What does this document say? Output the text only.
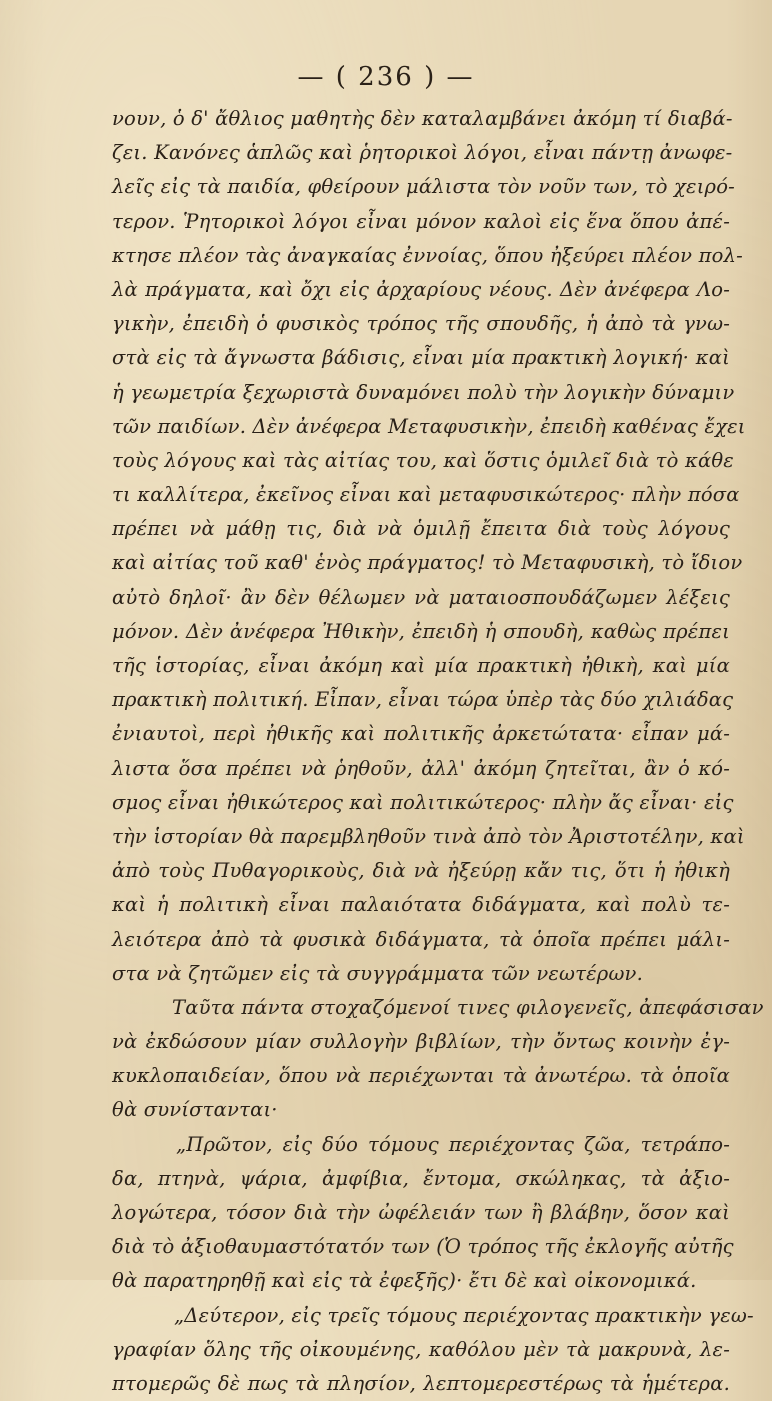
— ( 236 ) —
νουν, ὁ δ' ἄθλιος μαθητὴς δὲν καταλαμβάνει ἀκόμη τί διαβά-
ζει. Κανόνες ἁπλῶς καὶ ῥητορικοὶ λόγοι, εἶναι πάντῃ ἀνωφε-
λεῖς εἰς τὰ παιδία, φθείρουν μάλιστα τὸν νοῦν των, τὸ χειρό-
τερον. Ῥητορικοὶ λόγοι εἶναι μόνον καλοὶ εἰς ἕνα ὅπου ἀπέ-
κτησε πλέον τὰς ἀναγκαίας ἐννοίας, ὅπου ἠξεύρει πλέον πολ-
λὰ πράγματα, καὶ ὄχι εἰς ἀρχαρίους νέους. Δὲν ἀνέφερα Λο-
γικὴν, ἐπειδὴ ὁ φυσικὸς τρόπος τῆς σπουδῆς, ἡ ἀπὸ τὰ γνω-
στὰ εἰς τὰ ἄγνωστα βάδισις, εἶναι μία πρακτικὴ λογική· καὶ
ἡ γεωμετρία ξεχωριστὰ δυναμόνει πολὺ τὴν λογικὴν δύναμιν
τῶν παιδίων. Δὲν ἀνέφερα Μεταφυσικὴν, ἐπειδὴ καθένας ἔχει
τοὺς λόγους καὶ τὰς αἰτίας του, καὶ ὅστις ὁμιλεῖ διὰ τὸ κάθε
τι καλλίτερα, ἐκεῖνος εἶναι καὶ μεταφυσικώτερος· πλὴν πόσα
πρέπει νὰ μάθῃ τις, διὰ νὰ ὁμιλῇ ἔπειτα διὰ τοὺς λόγους
καὶ αἰτίας τοῦ καθ' ἑνὸς πράγματος! τὸ Μεταφυσικὴ, τὸ ἴδιον
αὐτὸ δηλοῖ· ἂν δὲν θέλωμεν νὰ ματαιοσπουδάζωμεν λέξεις
μόνον. Δὲν ἀνέφερα Ἠθικὴν, ἐπειδὴ ἡ σπουδὴ, καθὼς πρέπει
τῆς ἱστορίας, εἶναι ἀκόμη καὶ μία πρακτικὴ ἠθικὴ, καὶ μία
πρακτικὴ πολιτική. Εἶπαν, εἶναι τώρα ὑπὲρ τὰς δύο χιλιάδας
ἐνιαυτοὶ, περὶ ἠθικῆς καὶ πολιτικῆς ἀρκετώτατα· εἶπαν μά-
λιστα ὅσα πρέπει νὰ ῥηθοῦν, ἀλλ' ἀκόμη ζητεῖται, ἂν ὁ κό-
σμος εἶναι ἠθικώτερος καὶ πολιτικώτερος· πλὴν ἄς εἶναι· εἰς
τὴν ἱστορίαν θὰ παρεμβληθοῦν τινὰ ἀπὸ τὸν Ἀριστοτέλην, καὶ
ἀπὸ τοὺς Πυθαγορικοὺς, διὰ νὰ ἠξεύρῃ κἄν τις, ὅτι ἡ ἠθικὴ
καὶ ἡ πολιτικὴ εἶναι παλαιότατα διδάγματα, καὶ πολὺ τε-
λειότερα ἀπὸ τὰ φυσικὰ διδάγματα, τὰ ὁποῖα πρέπει μάλι-
στα νὰ ζητῶμεν εἰς τὰ συγγράμματα τῶν νεωτέρων.
Ταῦτα πάντα στοχαζόμενοί τινες φιλογενεῖς, ἀπεφάσισαν
νὰ ἐκδώσουν μίαν συλλογὴν βιβλίων, τὴν ὄντως κοινὴν ἐγ-
κυκλοπαιδείαν, ὅπου νὰ περιέχωνται τὰ ἀνωτέρω. τὰ ὁποῖα
θὰ συνίστανται·
„Πρῶτον, εἰς δύο τόμους περιέχοντας ζῶα, τετράπο-
δα, πτηνὰ, ψάρια, ἀμφίβια, ἔντομα, σκώληκας, τὰ ἀξιο-
λογώτερα, τόσον διὰ τὴν ὠφέλειάν των ἢ βλάβην, ὅσον καὶ
διὰ τὸ ἀξιοθαυμαστότατόν των (Ὁ τρόπος τῆς ἐκλογῆς αὐτῆς
θὰ παρατηρηθῇ καὶ εἰς τὰ ἐφεξῆς)· ἔτι δὲ καὶ οἰκονομικά.
„Δεύτερον, εἰς τρεῖς τόμους περιέχοντας πρακτικὴν γεω-
γραφίαν ὅλης τῆς οἰκουμένης, καθόλου μὲν τὰ μακρυνὰ, λε-
πτομερῶς δὲ πως τὰ πλησίον, λεπτομερεστέρως τὰ ἡμέτερα.
